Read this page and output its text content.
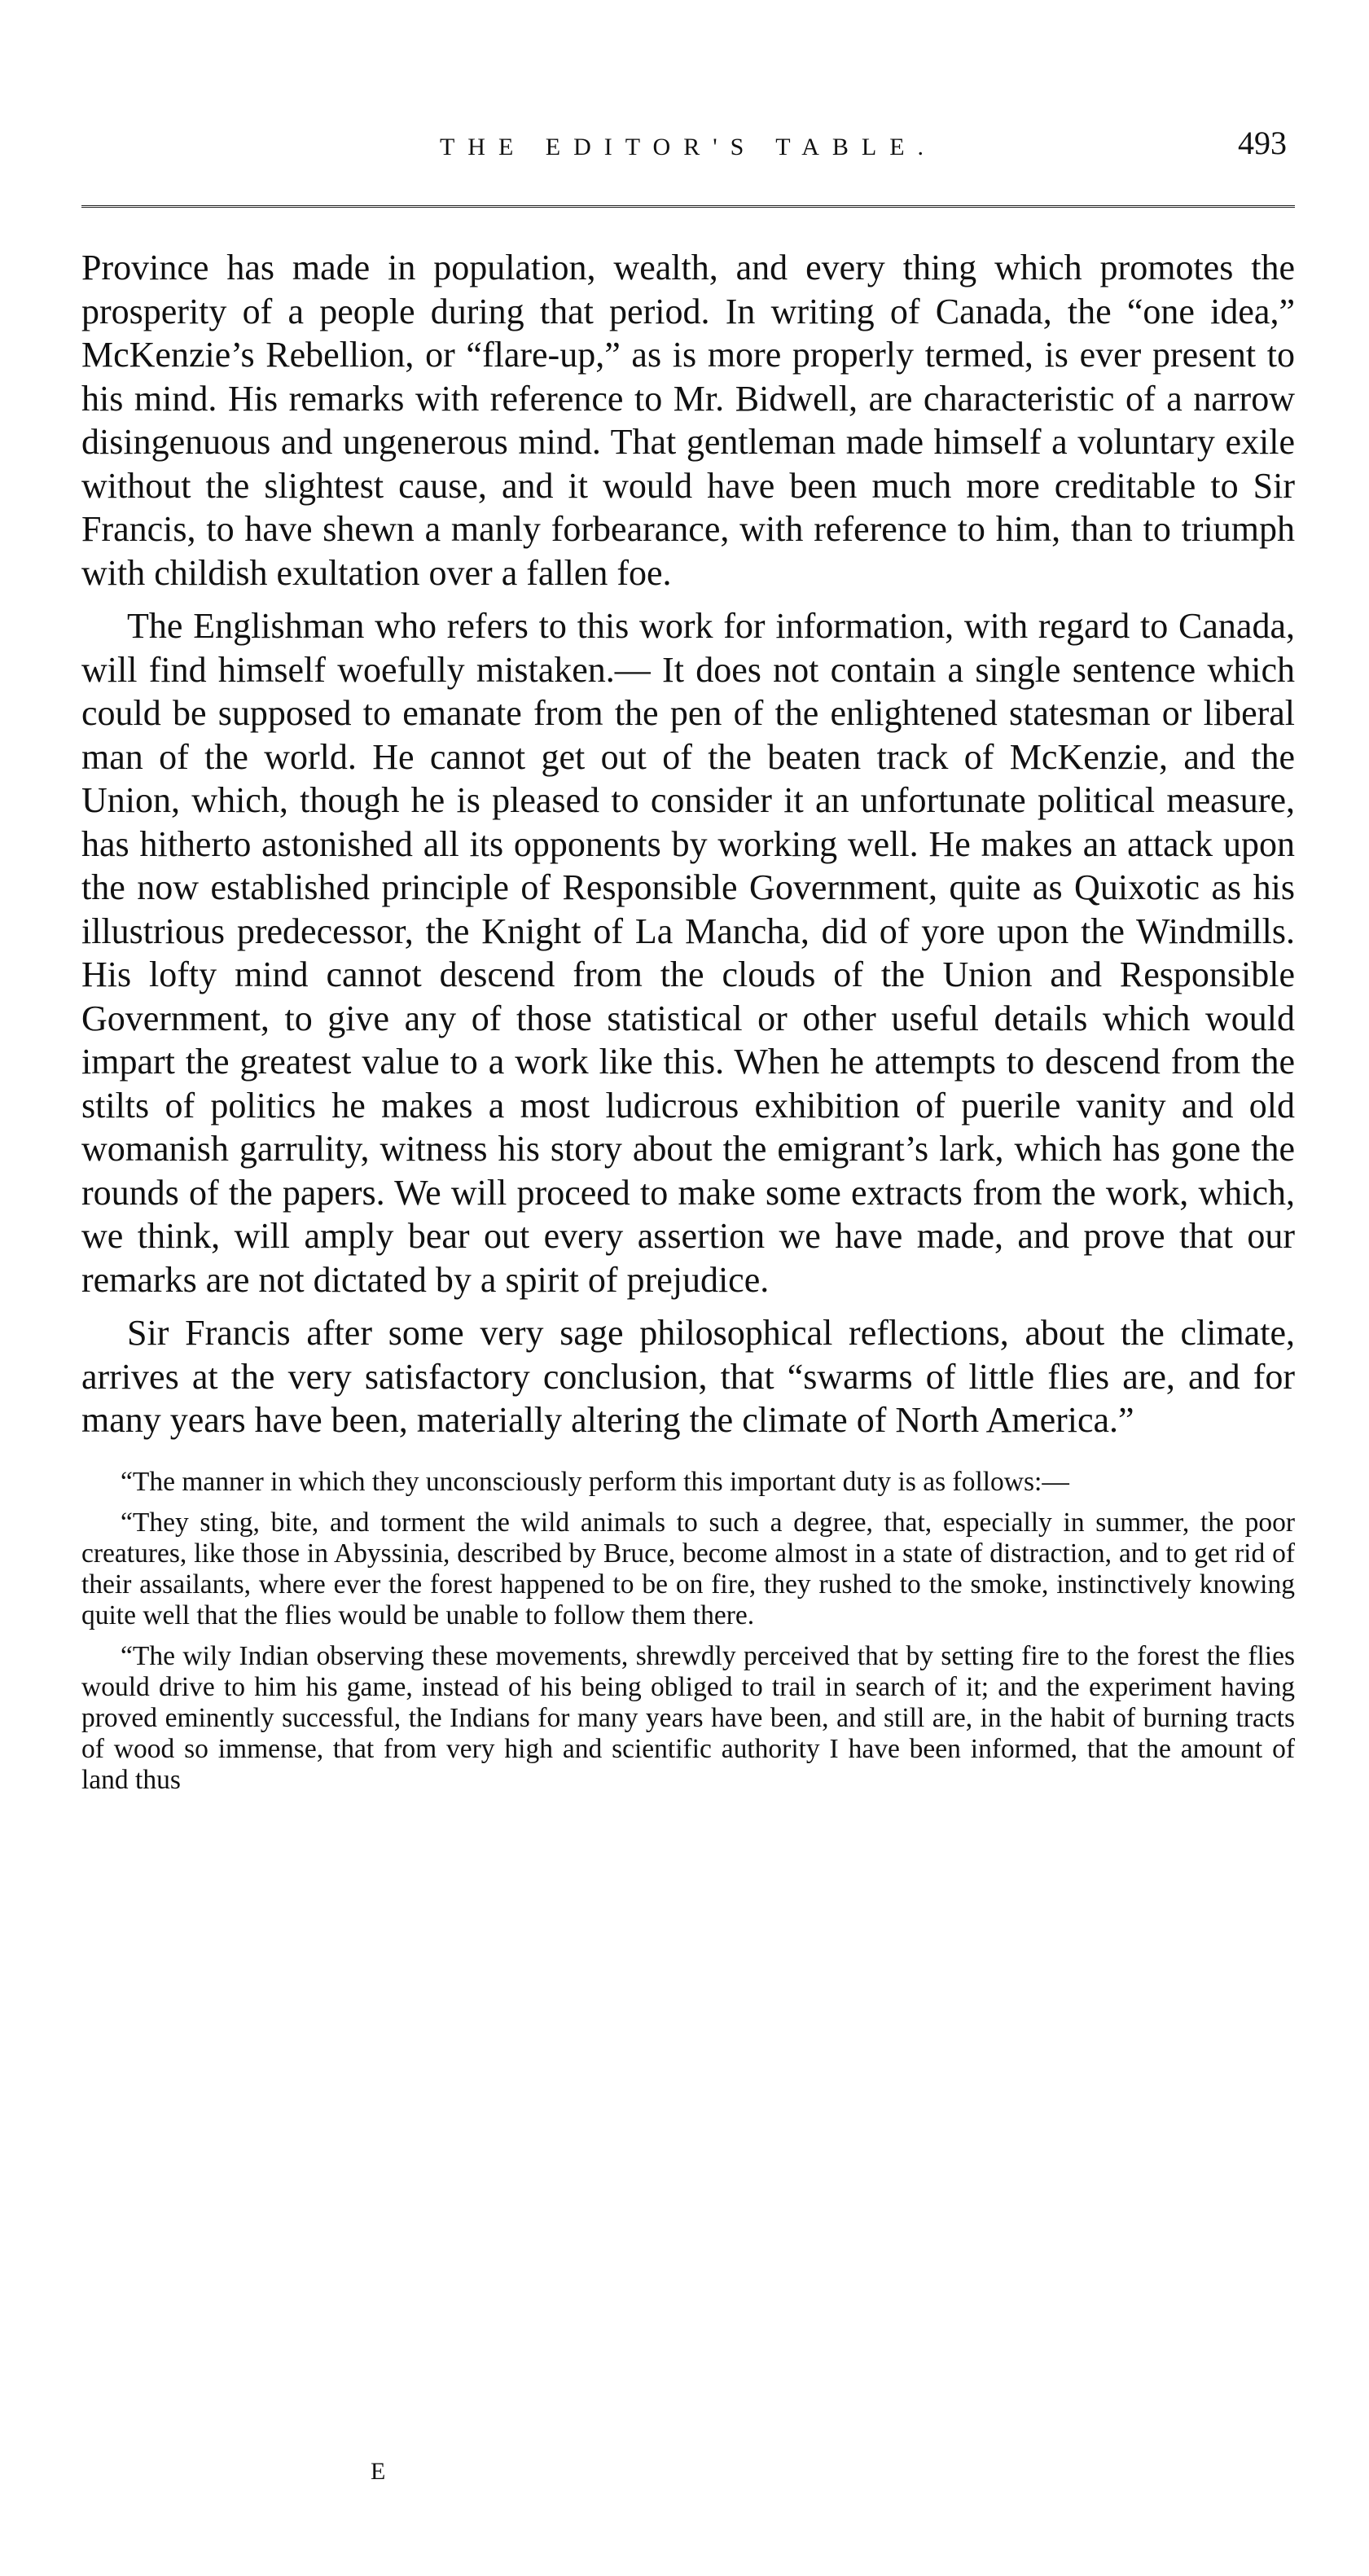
THE EDITOR'S TABLE.	493

Province has made in population, wealth, and every thing which promotes the prosperity of a people during that period. In writing of Canada, the “one idea,” McKenzie’s Rebellion, or “flare-up,” as is more properly termed, is ever present to his mind. His remarks with reference to Mr. Bidwell, are characteristic of a narrow disingenuous and ungenerous mind. That gentleman made himself a voluntary exile without the slightest cause, and it would have been much more creditable to Sir Francis, to have shewn a manly forbearance, with reference to him, than to triumph with childish exultation over a fallen foe.

The Englishman who refers to this work for information, with regard to Canada, will find himself woefully mistaken.— It does not contain a single sentence which could be supposed to emanate from the pen of the enlightened statesman or liberal man of the world. He cannot get out of the beaten track of McKenzie, and the Union, which, though he is pleased to consider it an unfortunate political measure, has hitherto astonished all its opponents by working well. He makes an attack upon the now established principle of Responsible Government, quite as Quixotic as his illustrious predecessor, the Knight of La Mancha, did of yore upon the Windmills. His lofty mind cannot descend from the clouds of the Union and Responsible Government, to give any of those statistical or other useful details which would impart the greatest value to a work like this. When he attempts to descend from the stilts of politics he makes a most ludicrous exhibition of puerile vanity and old womanish garrulity, witness his story about the emigrant’s lark, which has gone the rounds of the papers. We will proceed to make some extracts from the work, which, we think, will amply bear out every assertion we have made, and prove that our remarks are not dictated by a spirit of prejudice.

Sir Francis after some very sage philosophical reflections, about the climate, arrives at the very satisfactory conclusion, that “swarms of little flies are, and for many years have been, materially altering the climate of North America.”

“The manner in which they unconsciously perform this important duty is as follows:—

“They sting, bite, and torment the wild animals to such a degree, that, especially in summer, the poor creatures, like those in Abyssinia, described by Bruce, become almost in a state of distraction, and to get rid of their assailants, where ever the forest happened to be on fire, they rushed to the smoke, instinctively knowing quite well that the flies would be unable to follow them there.

“The wily Indian observing these movements, shrewdly perceived that by setting fire to the forest the flies would drive to him his game, instead of his being obliged to trail in search of it; and the experiment having proved eminently successful, the Indians for many years have been, and still are, in the habit of burning tracts of wood so immense, that from very high and scientific authority I have been informed, that the amount of land thus

E
